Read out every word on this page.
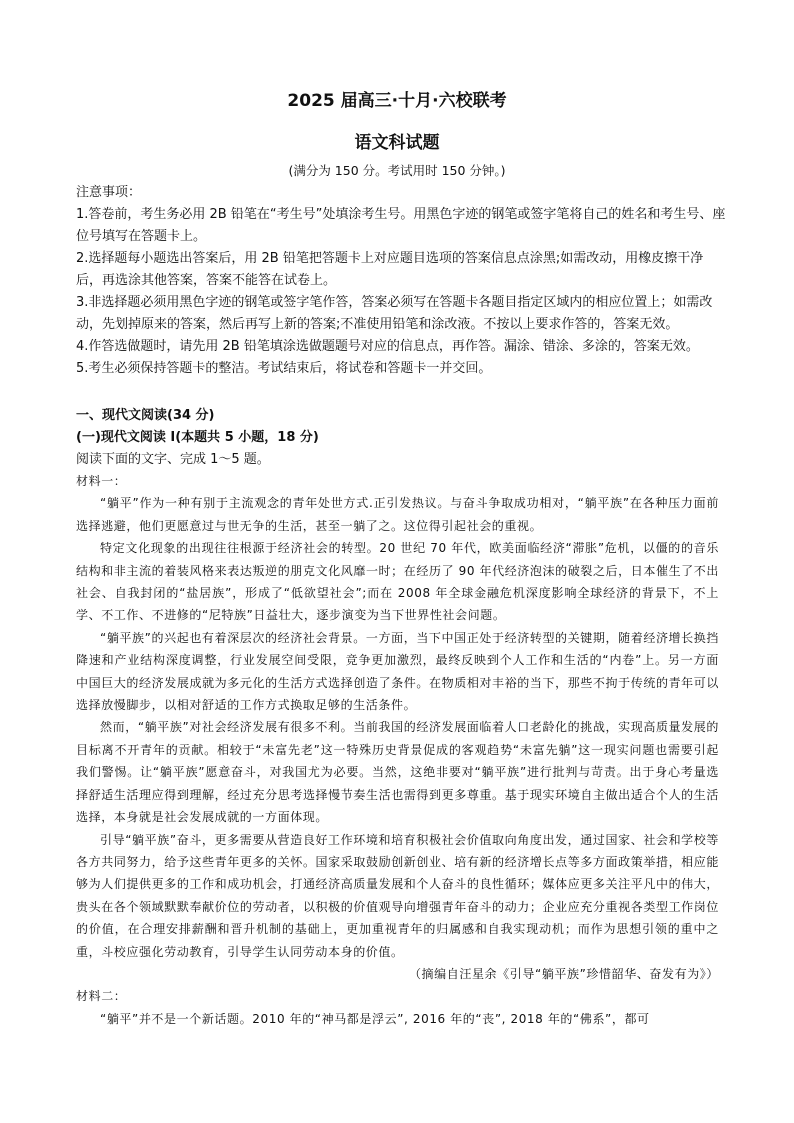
2025 届高三·十月·六校联考
语文科试题
(满分为 150 分。考试用时 150 分钟。)

注意事项：

1.答卷前，考生务必用 2B 铅笔在“考生号”处填涂考生号。用黑色字迹的钢笔或签字笔将自己的姓名和考生号、座位号填写在答题卡上。

2.选择题每小题选出答案后，用 2B 铅笔把答题卡上对应题目选项的答案信息点涂黑;如需改动，用橡皮擦干净后，再选涂其他答案，答案不能答在试卷上。

3.非选择题必须用黑色字迹的钢笔或签字笔作答，答案必须写在答题卡各题目指定区域内的相应位置上；如需改动，先划掉原来的答案，然后再写上新的答案;不准使用铅笔和涂改液。不按以上要求作答的，答案无效。

4.作答选做题时，请先用 2B 铅笔填涂选做题题号对应的信息点，再作答。漏涂、错涂、多涂的，答案无效。

5.考生必须保持答题卡的整洁。考试结束后，将试卷和答题卡一并交回。

一、现代文阅读(34 分)

(一)现代文阅读 I(本题共 5 小题，18 分)

阅读下面的文字、完成 1～5 题。

材料一：

“躺平”作为一种有别于主流观念的青年处世方式.正引发热议。与奋斗争取成功相对，“躺平族”在各种压力面前选择逃避，他们更愿意过与世无争的生活，甚至一躺了之。这位得引起社会的重视。

特定文化现象的出现往往根源于经济社会的转型。20 世纪 70 年代，欧美面临经济“滞胀”危机，以僵的的音乐结构和非主流的着装风格来表达叛逆的朋克文化风靡一时；在经历了 90 年代经济泡沫的破裂之后，日本催生了不出社会、自我封闭的“盐居族”，形成了“低欲望社会”;而在 2008 年全球金融危机深度影响全球经济的背景下，不上学、不工作、不进修的“尼特族”日益壮大，逐步演变为当下世界性社会问题。

“躺平族”的兴起也有着深层次的经济社会背景。一方面，当下中国正处于经济转型的关键期，随着经济增长换挡降速和产业结构深度调整，行业发展空间受限，竞争更加激烈，最终反映到个人工作和生活的“内卷”上。另一方面中国巨大的经济发展成就为多元化的生活方式选择创造了条件。在物质相对丰裕的当下，那些不拘于传统的青年可以选择放慢脚步，以相对舒适的工作方式换取足够的生活条件。

然而，“躺平族”对社会经济发展有很多不利。当前我国的经济发展面临着人口老龄化的挑战，实现高质量发展的目标离不开青年的贡献。相较于“未富先老”这一特殊历史背景促成的客观趋势“未富先躺”这一现实问题也需要引起我们警惕。让“躺平族”愿意奋斗，对我国尤为必要。当然，这绝非要对“躺平族”进行批判与苛责。出于身心考量选择舒适生活理应得到理解，经过充分思考选择慢节奏生活也需得到更多尊重。基于现实环境自主做出适合个人的生活选择，本身就是社会发展成就的一方面体现。

引导“躺平族”奋斗，更多需要从营造良好工作环境和培育积极社会价值取向角度出发，通过国家、社会和学校等各方共同努力，给予这些青年更多的关怀。国家采取鼓励创新创业、培有新的经济增长点等多方面政策举措，相应能够为人们提供更多的工作和成功机会，打通经济高质量发展和个人奋斗的良性循环；媒体应更多关注平凡中的伟大，贵头在各个领域默默奉献价位的劳动者，以积极的价值观导向增强青年奋斗的动力；企业应充分重视各类型工作岗位的价值，在合理安排薪酬和晋升机制的基础上，更加重视青年的归属感和自我实现动机；而作为思想引领的重中之重，斗校应强化劳动教育，引导学生认同劳动本身的价值。

（摘编自汪星余《引导“躺平族”珍惜韶华、奋发有为》）

材料二：

“躺平”并不是一个新话题。2010 年的“神马都是浮云”, 2016 年的“丧”, 2018 年的“佛系”，都可
